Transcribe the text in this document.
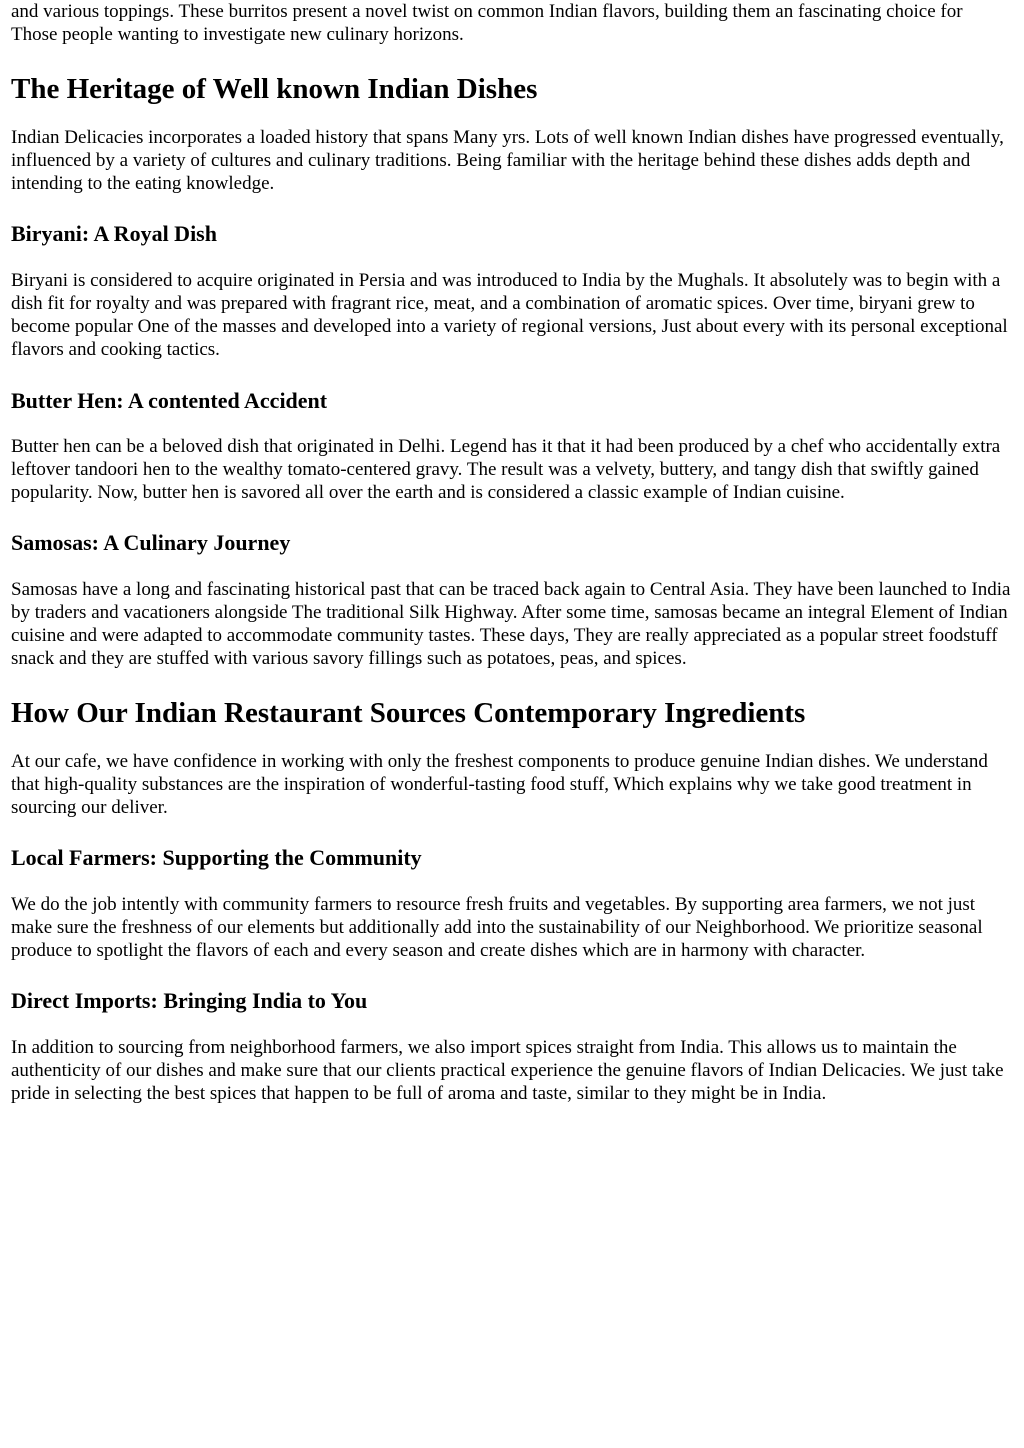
and various toppings. These burritos present a novel twist on common Indian flavors, building them an fascinating choice for Those people wanting to investigate new culinary horizons.

The Heritage of Well known Indian Dishes

Indian Delicacies incorporates a loaded history that spans Many yrs. Lots of well known Indian dishes have progressed eventually, influenced by a variety of cultures and culinary traditions. Being familiar with the heritage behind these dishes adds depth and intending to the eating knowledge.

Biryani: A Royal Dish

Biryani is considered to acquire originated in Persia and was introduced to India by the Mughals. It absolutely was to begin with a dish fit for royalty and was prepared with fragrant rice, meat, and a combination of aromatic spices. Over time, biryani grew to become popular One of the masses and developed into a variety of regional versions, Just about every with its personal exceptional flavors and cooking tactics.

Butter Hen: A contented Accident

Butter hen can be a beloved dish that originated in Delhi. Legend has it that it had been produced by a chef who accidentally extra leftover tandoori hen to the wealthy tomato-centered gravy. The result was a velvety, buttery, and tangy dish that swiftly gained popularity. Now, butter hen is savored all over the earth and is considered a classic example of Indian cuisine.

Samosas: A Culinary Journey

Samosas have a long and fascinating historical past that can be traced back again to Central Asia. They have been launched to India by traders and vacationers alongside The traditional Silk Highway. After some time, samosas became an integral Element of Indian cuisine and were adapted to accommodate community tastes. These days, They are really appreciated as a popular street foodstuff snack and they are stuffed with various savory fillings such as potatoes, peas, and spices.

How Our Indian Restaurant Sources Contemporary Ingredients

At our cafe, we have confidence in working with only the freshest components to produce genuine Indian dishes. We understand that high-quality substances are the inspiration of wonderful-tasting food stuff, Which explains why we take good treatment in sourcing our deliver.

Local Farmers: Supporting the Community

We do the job intently with community farmers to resource fresh fruits and vegetables. By supporting area farmers, we not just make sure the freshness of our elements but additionally add into the sustainability of our Neighborhood. We prioritize seasonal produce to spotlight the flavors of each and every season and create dishes which are in harmony with character.

Direct Imports: Bringing India to You

In addition to sourcing from neighborhood farmers, we also import spices straight from India. This allows us to maintain the authenticity of our dishes and make sure that our clients practical experience the genuine flavors of Indian Delicacies. We just take pride in selecting the best spices that happen to be full of aroma and taste, similar to they might be in India.
